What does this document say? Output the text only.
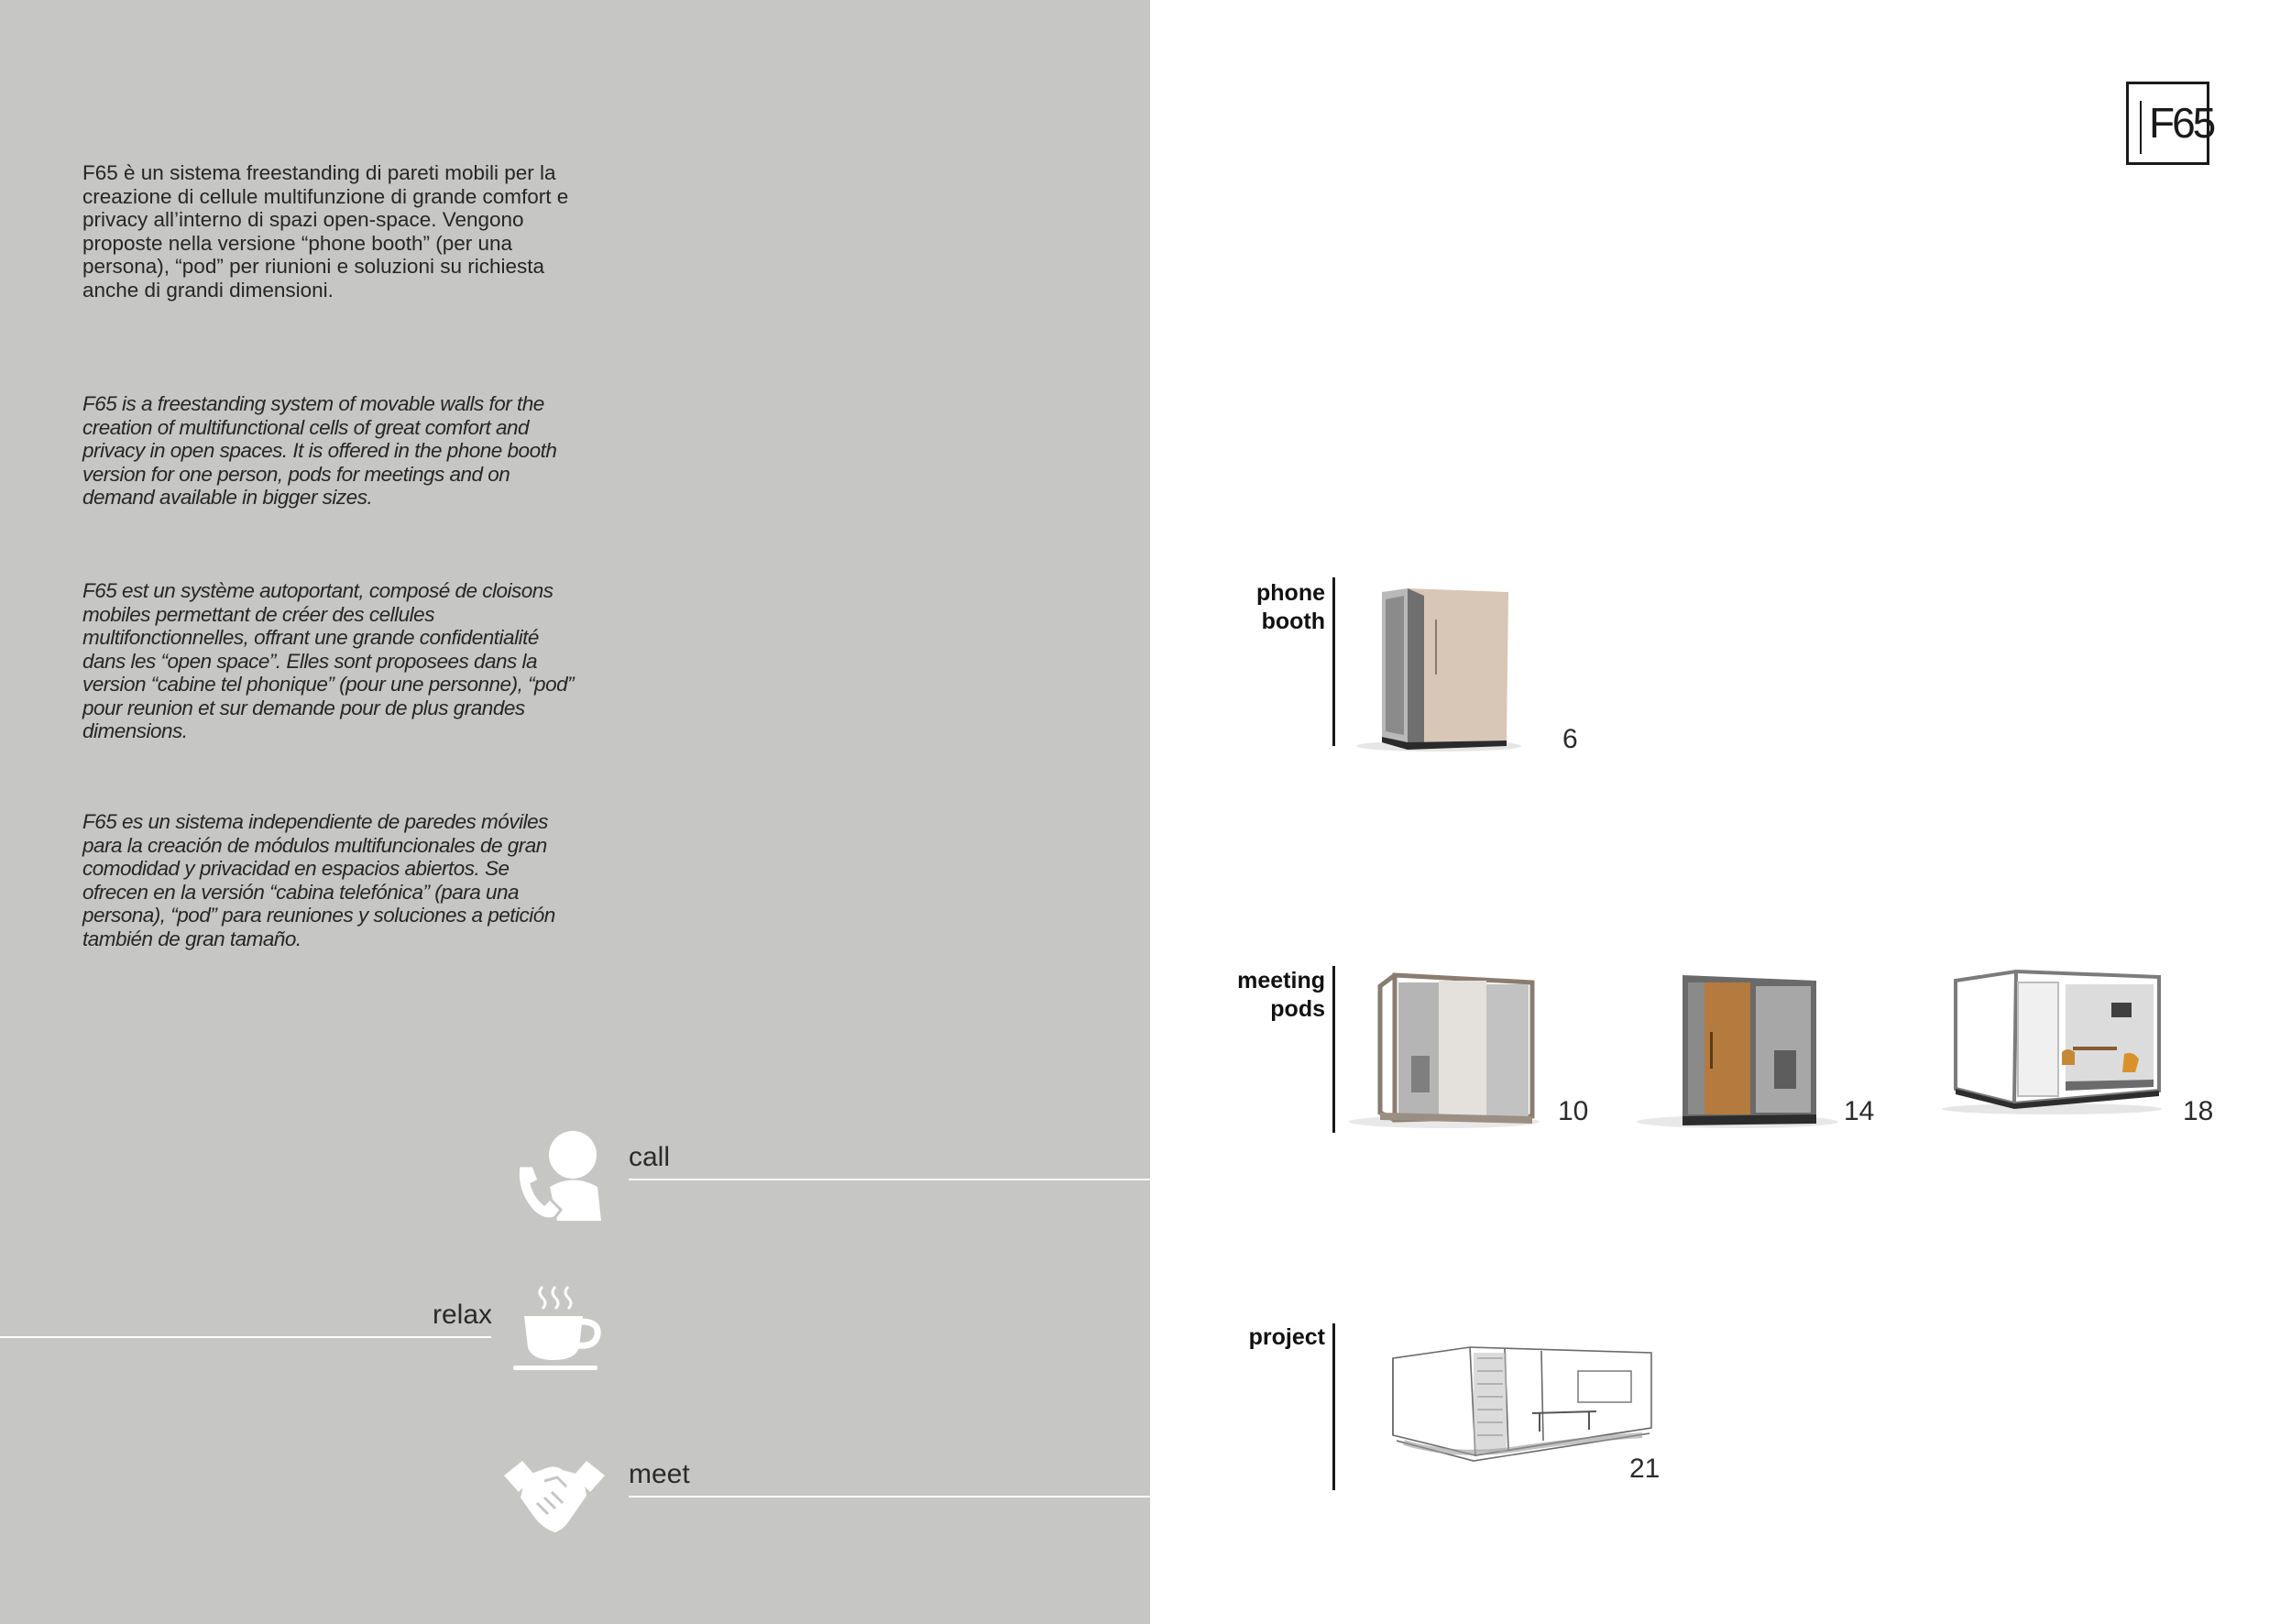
F65 è un sistema freestanding di pareti mobili per la creazione di cellule multifunzione di grande comfort e privacy all’interno di spazi open-space. Vengono proposte nella versione “phone booth” (per una persona), “pod” per riunioni e soluzioni su richiesta anche di grandi dimensioni.

F65 is a freestanding system of movable walls for the creation of multifunctional cells of great comfort and privacy in open spaces. It is offered in the phone booth version for one person, pods for meetings and on demand available in bigger sizes.

F65 est un système autoportant, composé de cloisons mobiles permettant de créer des cellules multifonctionnelles, offrant une grande confidentialité dans les “open space”. Elles sont proposees dans la version “cabine tel phonique” (pour une personne), “pod” pour reunion et sur demande pour de plus grandes dimensions.

F65 es un sistema independiente de paredes móviles para la creación de módulos multifuncionales de gran comodidad y privacidad en espacios abiertos. Se ofrecen en la versión “cabina telefónica” (para una persona), “pod” para reuniones y soluciones a petición también de gran tamaño.

call
relax
meet
F65
phone
booth
6
meeting
pods
10	14	18
project
21
